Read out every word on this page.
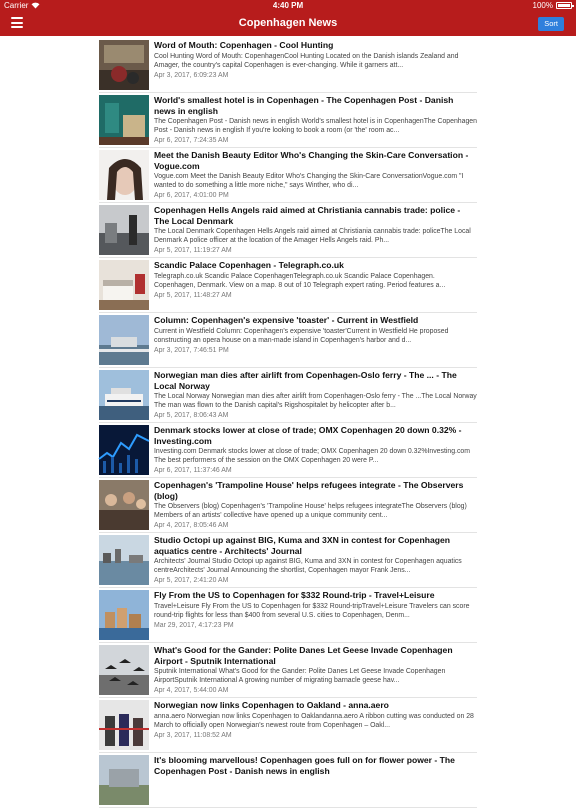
Carrier	4:40 PM	100%
Copenhagen News	Sort
Word of Mouth: Copenhagen - Cool Hunting
Cool Hunting Word of Mouth: CopenhagenCool Hunting Located on the Danish islands Zealand and Amager, the country's capital Copenhagen is ever-changing. While it garners att...
Apr 3, 2017, 6:09:23 AM
World's smallest hotel is in Copenhagen - The Copenhagen Post - Danish news in english
The Copenhagen Post - Danish news in english World's smallest hotel is in CopenhagenThe Copenhagen Post - Danish news in english If you're looking to book a room (or 'the' room ac...
Apr 6, 2017, 7:24:35 AM
Meet the Danish Beauty Editor Who's Changing the Skin-Care Conversation - Vogue.com
Vogue.com Meet the Danish Beauty Editor Who's Changing the Skin-Care ConversationVogue.com "I wanted to do something a little more niche," says Winther, who di...
Apr 6, 2017, 4:01:00 PM
Copenhagen Hells Angels raid aimed at Christiania cannabis trade: police - The Local Denmark
The Local Denmark Copenhagen Hells Angels raid aimed at Christiania cannabis trade: policeThe Local Denmark A police officer at the location of the Amager Hells Angels raid. Ph...
Apr 5, 2017, 11:19:27 AM
Scandic Palace Copenhagen - Telegraph.co.uk
Telegraph.co.uk Scandic Palace CopenhagenTelegraph.co.uk Scandic Palace Copenhagen. Copenhagen, Denmark. View on a map. 8 out of 10 Telegraph expert rating. Period features a...
Apr 5, 2017, 11:48:27 AM
Column: Copenhagen's expensive 'toaster' - Current in Westfield
Current in Westfield Column: Copenhagen's expensive 'toaster'Current in Westfield He proposed constructing an opera house on a man-made island in Copenhagen's harbor and d...
Apr 3, 2017, 7:46:51 PM
Norwegian man dies after airlift from Copenhagen-Oslo ferry - The ... - The Local Norway
The Local Norway Norwegian man dies after airlift from Copenhagen-Oslo ferry - The ...The Local Norway The man was flown to the Danish capital's Rigshospitalet by helicopter after b...
Apr 5, 2017, 8:06:43 AM
Denmark stocks lower at close of trade; OMX Copenhagen 20 down 0.32% - Investing.com
Investing.com Denmark stocks lower at close of trade; OMX Copenhagen 20 down 0.32%Investing.com The best performers of the session on the OMX Copenhagen 20 were P...
Apr 6, 2017, 11:37:46 AM
Copenhagen's 'Trampoline House' helps refugees integrate - The Observers (blog)
The Observers (blog) Copenhagen's 'Trampoline House' helps refugees integrateThe Observers (blog) Members of an artists' collective have opened up a unique community cent...
Apr 4, 2017, 8:05:46 AM
Studio Octopi up against BIG, Kuma and 3XN in contest for Copenhagen aquatics centre - Architects' Journal
Architects' Journal Studio Octopi up against BIG, Kuma and 3XN in contest for Copenhagen aquatics centreArchitects' Journal Announcing the shortlist, Copenhagen mayor Frank Jens...
Apr 5, 2017, 2:41:20 AM
Fly From the US to Copenhagen for $332 Round-trip - Travel+Leisure
Travel+Leisure Fly From the US to Copenhagen for $332 Round-tripTravel+Leisure Travelers can score round-trip flights for less than $400 from several U.S. cities to Copenhagen, Denm...
Mar 29, 2017, 4:17:23 PM
What's Good for the Gander: Polite Danes Let Geese Invade Copenhagen Airport - Sputnik International
Sputnik International What's Good for the Gander: Polite Danes Let Geese Invade Copenhagen AirportSputnik International A growing number of migrating barnacle geese hav...
Apr 4, 2017, 5:44:00 AM
Norwegian now links Copenhagen to Oakland - anna.aero
anna.aero Norwegian now links Copenhagen to Oaklandanna.aero A ribbon cutting was conducted on 28 March to officially open Norwegian's newest route from Copenhagen – Oakl...
Apr 3, 2017, 11:08:52 AM
It's blooming marvellous! Copenhagen goes full on for flower power - The Copenhagen Post - Danish news in english
